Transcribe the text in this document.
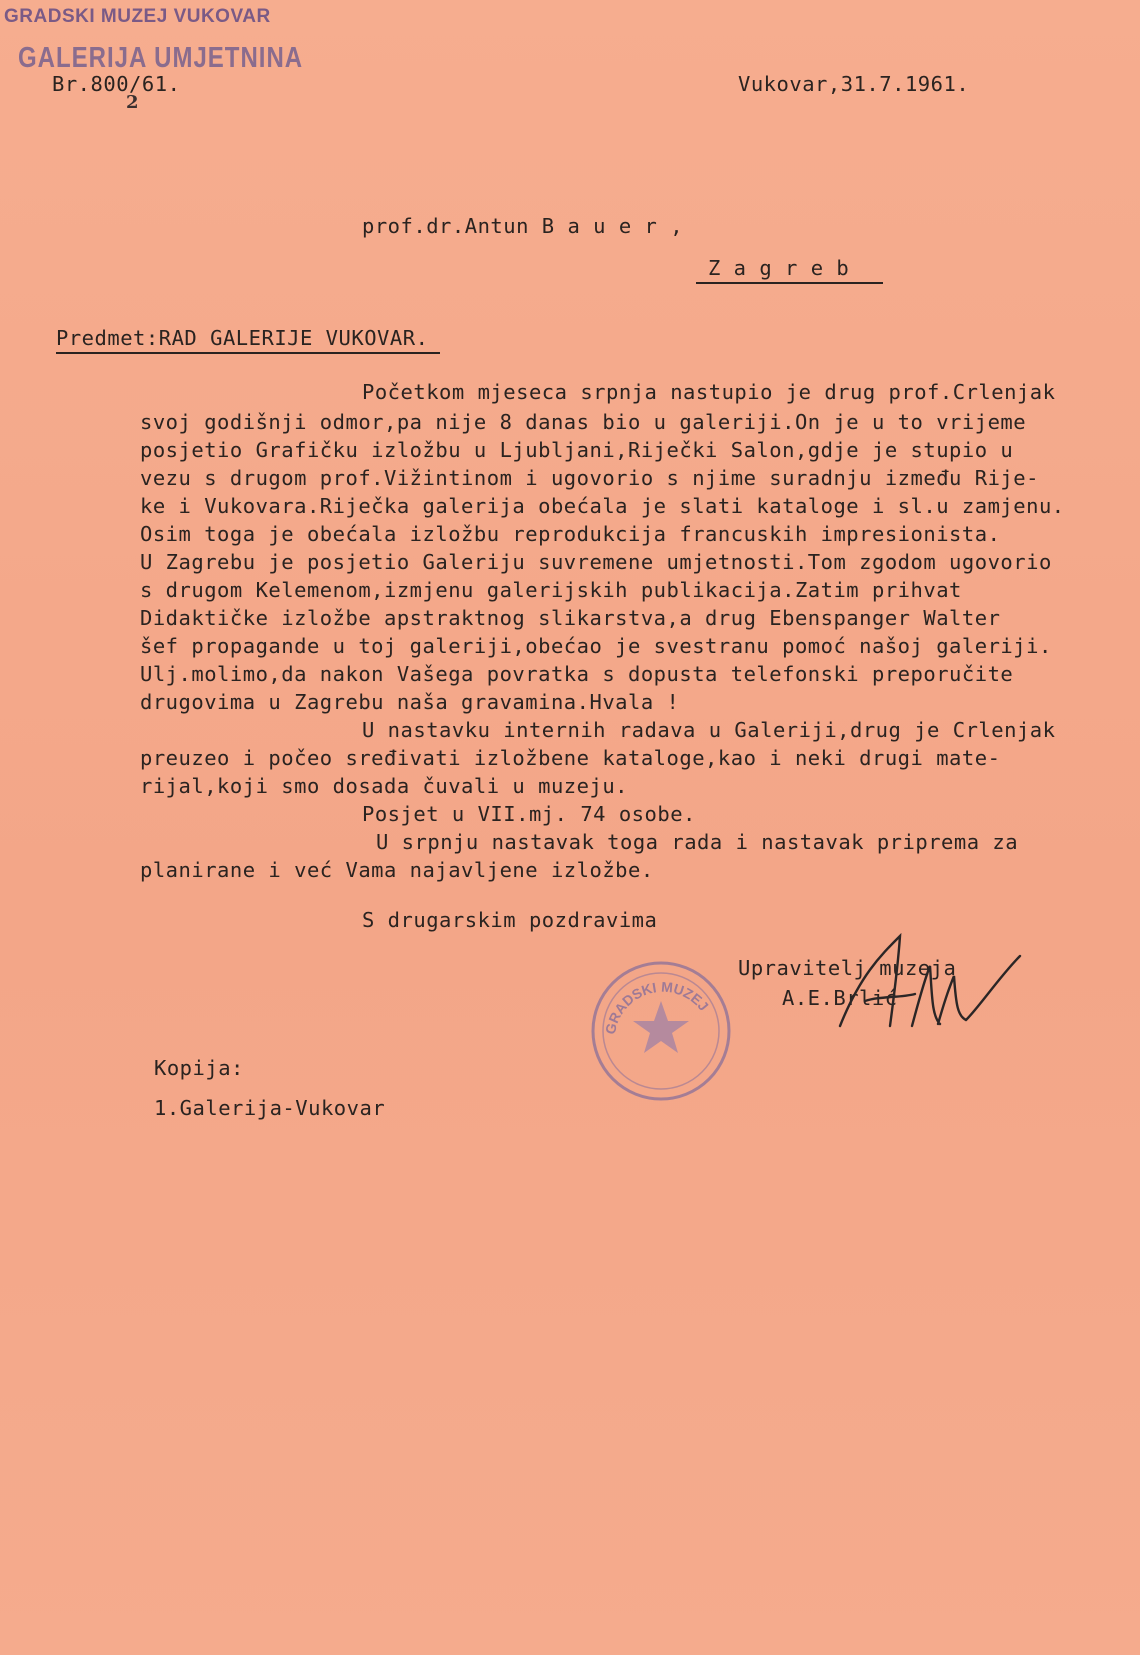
GRADSKI MUZEJ VUKOVAR
GALERIJA UMJETNINA
Br.800/61.
2
Vukovar,31.7.1961.
prof.dr.Antun B a u e r ,
Z a g r e b
Predmet:RAD GALERIJE VUKOVAR.
Početkom mjeseca srpnja nastupio je drug prof.Crlenjak
svoj godišnji odmor,pa nije 8 danas bio u galeriji.On je u to vrijeme
posjetio Grafičku izložbu u Ljubljani,Riječki Salon,gdje je stupio u
vezu s drugom prof.Vižintinom i ugovorio s njime suradnju između Rije-
ke i Vukovara.Riječka galerija obećala je slati kataloge i sl.u zamjenu.
Osim toga je obećala izložbu reprodukcija francuskih impresionista.
U Zagrebu je posjetio Galeriju suvremene umjetnosti.Tom zgodom ugovorio
s drugom Kelemenom,izmjenu galerijskih publikacija.Zatim prihvat
Didaktičke izložbe apstraktnog slikarstva,a drug Ebenspanger Walter
šef propagande u toj galeriji,obećao je svestranu pomoć našoj galeriji.
Ulj.molimo,da nakon Vašega povratka s dopusta telefonski preporučite
drugovima u Zagrebu naša gravamina.Hvala !
U nastavku internih radava u Galeriji,drug je Crlenjak
preuzeo i počeo sređivati izložbene kataloge,kao i neki drugi mate-
rijal,koji smo dosada čuvali u muzeju.
Posjet u VII.mj. 74 osobe.
U srpnju nastavak toga rada i nastavak priprema za
planirane i već Vama najavljene izložbe.
S drugarskim pozdravima

GRADSKI MUZEJ

Upravitelj muzeja
A.E.Brlić
Kopija:
1.Galerija-Vukovar
